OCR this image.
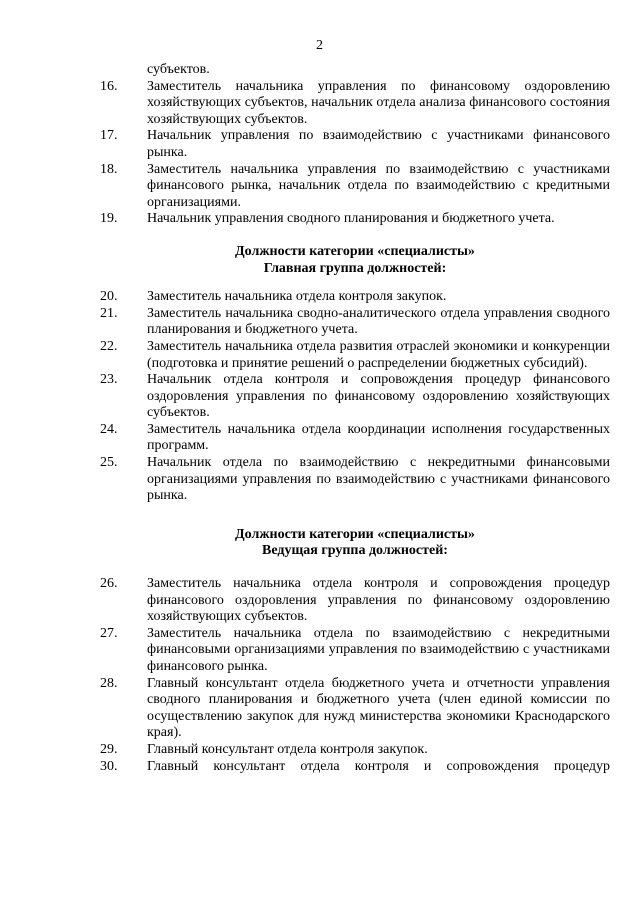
2
субъектов.
16.	Заместитель начальника управления по финансовому оздоровлению хозяйствующих субъектов, начальник отдела анализа финансового состояния хозяйствующих субъектов.
17.	Начальник управления по взаимодействию с участниками финансового рынка.
18.	Заместитель начальника управления по взаимодействию с участниками финансового рынка, начальник отдела по взаимодействию с кредитными организациями.
19.	Начальник управления сводного планирования и бюджетного учета.
Должности категории «специалисты»
Главная группа должностей:
20.	Заместитель начальника отдела контроля закупок.
21.	Заместитель начальника сводно-аналитического отдела управления сводного планирования и бюджетного учета.
22.	Заместитель начальника отдела развития отраслей экономики и конкуренции (подготовка и принятие решений о распределении бюджетных субсидий).
23.	Начальник отдела контроля и сопровождения процедур финансового оздоровления управления по финансовому оздоровлению хозяйствующих субъектов.
24.	Заместитель начальника отдела координации исполнения государственных программ.
25.	Начальник отдела по взаимодействию с некредитными финансовыми организациями управления по взаимодействию с участниками финансового рынка.
Должности категории «специалисты»
Ведущая группа должностей:
26.	Заместитель начальника отдела контроля и сопровождения процедур финансового оздоровления управления по финансовому оздоровлению хозяйствующих субъектов.
27.	Заместитель начальника отдела по взаимодействию с некредитными финансовыми организациями управления по взаимодействию с участниками финансового рынка.
28.	Главный консультант отдела бюджетного учета и отчетности управления сводного планирования и бюджетного учета (член единой комиссии по осуществлению закупок для нужд министерства экономики Краснодарского края).
29.	Главный консультант отдела контроля закупок.
30.	Главный консультант отдела контроля и сопровождения процедур
